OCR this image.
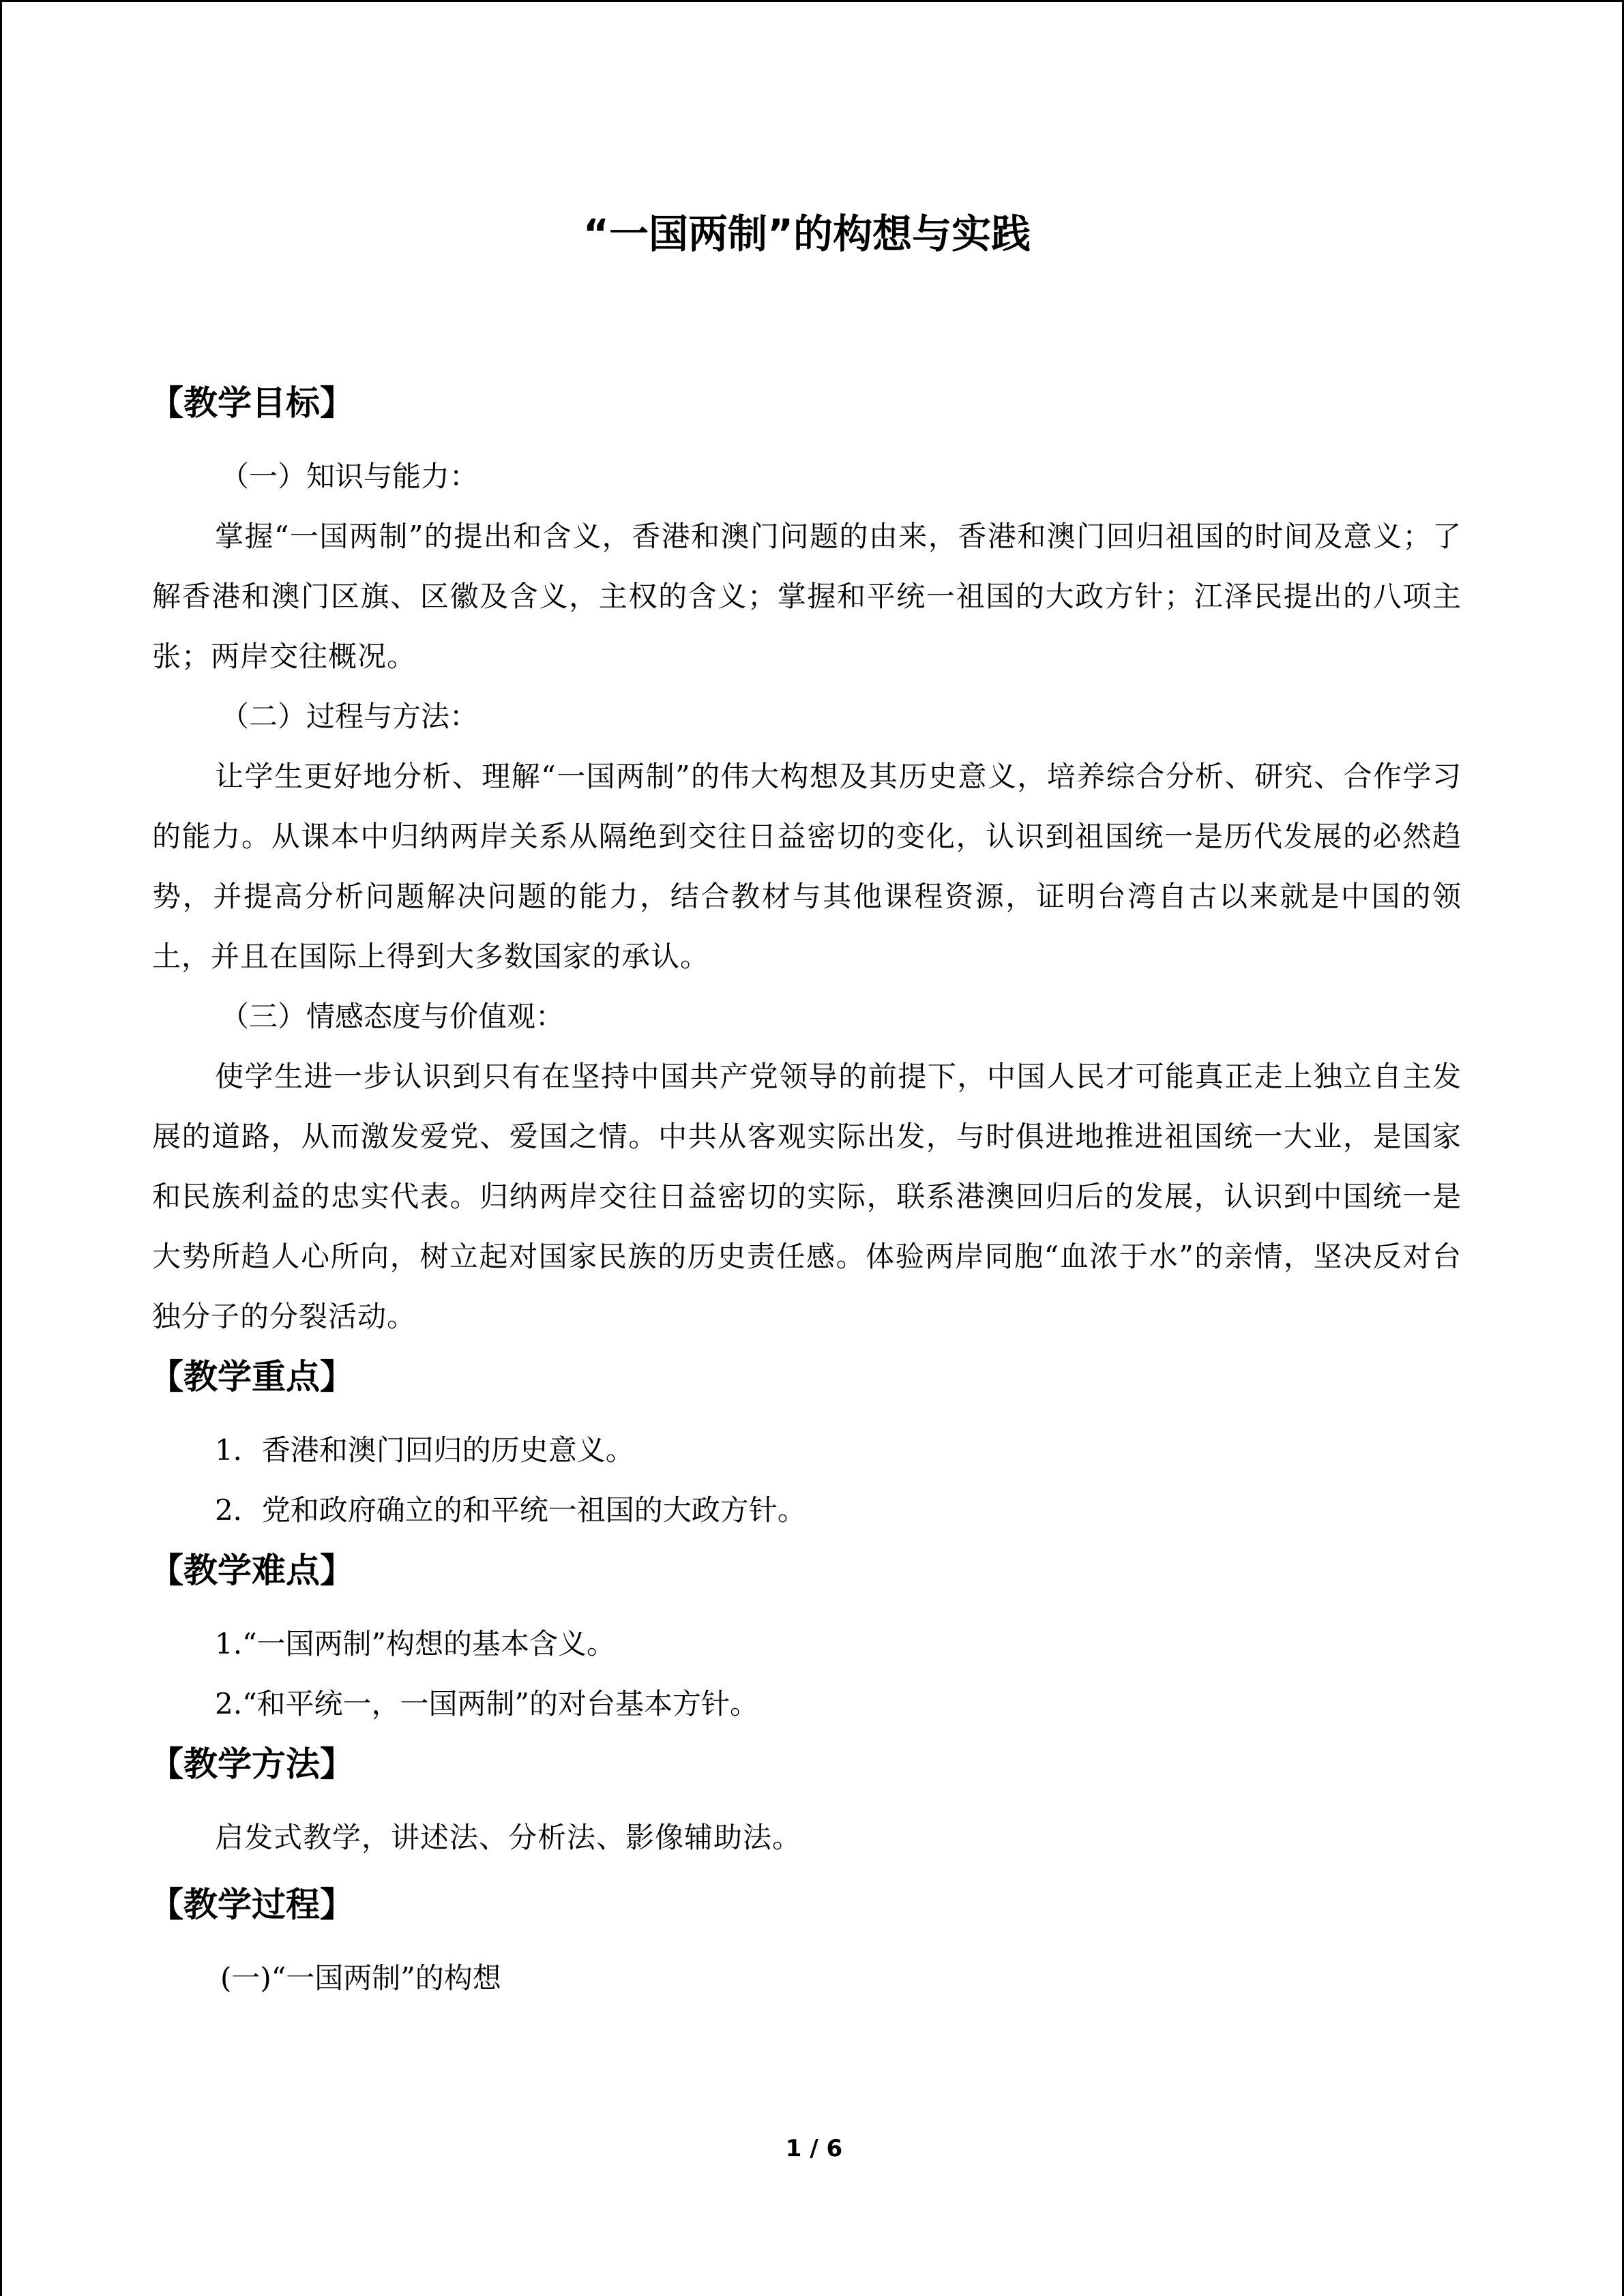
“一国两制”的构想与实践
【教学目标】

（一）知识与能力：

掌握“一国两制”的提出和含义，香港和澳门问题的由来，香港和澳门回归祖国的时间及意义；了解香港和澳门区旗、区徽及含义，主权的含义；掌握和平统一祖国的大政方针；江泽民提出的八项主张；两岸交往概况。

（二）过程与方法：

让学生更好地分析、理解“一国两制”的伟大构想及其历史意义，培养综合分析、研究、合作学习的能力。从课本中归纳两岸关系从隔绝到交往日益密切的变化，认识到祖国统一是历代发展的必然趋势，并提高分析问题解决问题的能力，结合教材与其他课程资源，证明台湾自古以来就是中国的领土，并且在国际上得到大多数国家的承认。

（三）情感态度与价值观：

使学生进一步认识到只有在坚持中国共产党领导的前提下，中国人民才可能真正走上独立自主发展的道路，从而激发爱党、爱国之情。中共从客观实际出发，与时俱进地推进祖国统一大业，是国家和民族利益的忠实代表。归纳两岸交往日益密切的实际，联系港澳回归后的发展，认识到中国统一是大势所趋人心所向，树立起对国家民族的历史责任感。体验两岸同胞“血浓于水”的亲情，坚决反对台独分子的分裂活动。

【教学重点】

1．香港和澳门回归的历史意义。

2．党和政府确立的和平统一祖国的大政方针。

【教学难点】

1.“一国两制”构想的基本含义。

2.“和平统一，一国两制”的对台基本方针。

【教学方法】

启发式教学，讲述法、分析法、影像辅助法。

【教学过程】

(一)“一国两制”的构想

1 / 6
